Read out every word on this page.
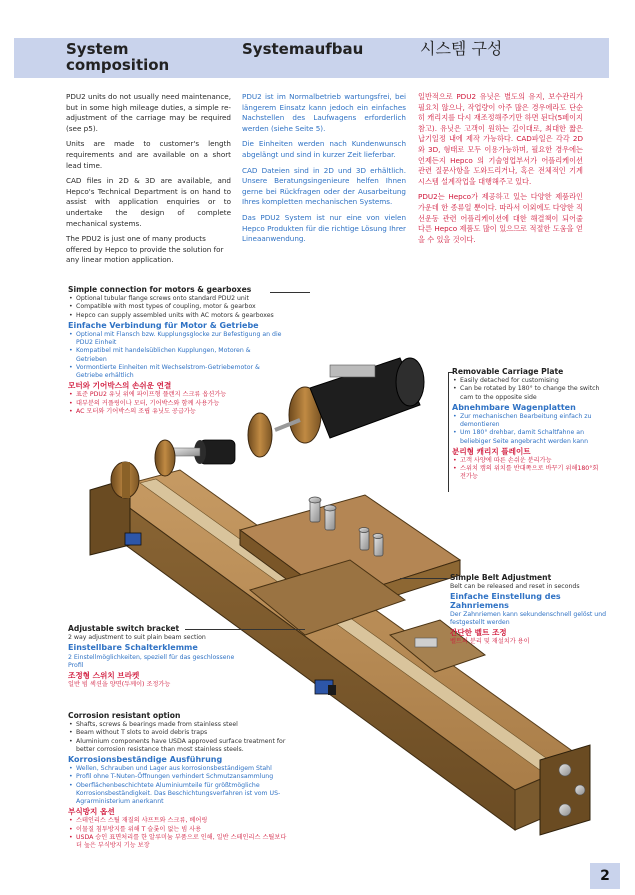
System composition
Systemaufbau	시스템 구성

PDU2 units do not usually need maintenance, but in some high mileage duties, a simple re-adjustment of the carriage may be required (see p5).

Units are made to customer's length requirements and are available on a short lead time.

CAD files in 2D & 3D are available, and Hepco's Technical Department is on hand to assist with application enquiries or to undertake the design of complete mechanical systems.

The PDU2 is just one of many products offered by Hepco to provide the solution for any linear motion application.

PDU2 ist im Normalbetrieb wartungsfrei, bei längerem Einsatz kann jedoch ein einfaches Nachstellen des Laufwagens erforderlich werden (siehe Seite 5).

Die Einheiten werden nach Kundenwunsch abgelängt und sind in kurzer Zeit lieferbar.

CAD Dateien sind in 2D und 3D erhältlich. Unsere Beratungsingenieure helfen Ihnen gerne bei Rückfragen oder der Ausarbeitung Ihres kompletten mechanischen Systems.

Das PDU2 System ist nur eine von vielen Hepco Produkten für die richtige Lösung Ihrer Lineaanwendung.

일반적으로 PDU2 유닛은 별도의 유지, 보수관리가 필요치 않으나, 작업량이 아주 많은 경우에라도 단순히 캐리지를 다시 재조정해주기만 하면 된다(5페이지 참고). 유닛은 고객이 원하는 길이대로, 최대한 짧은 납기일정 내에 제작 가능하다. CAD파일은 각각 2D 와 3D, 형태로 모두 이용가능하며, 필요한 경우에는 언제든지 Hepco 의 기술영업부서가 어플리케이션 관련 질문사항을 도와드리거나, 혹은 전체적인 기계시스템 설계작업을 대행해주고 있다.

PDU2는 Hepco가 제공하고 있는 다양한 제품라인 가운데 한 종류일 뿐이다. 따라서 이외에도 다양한 직선운동 관련 어플리케이션에 대한 해결책이 되어줄 다른 Hepco 제품도 많이 있으므로 적절한 도움을 얻을 수 있을 것이다.

Simple connection for motors & gearboxes
• Optional tubular flange screws onto standard PDU2 unit
• Compatible with most types of coupling, motor & gearbox
• Hepco can supply assembled units with AC motors & gearboxes
Einfache Verbindung für Motor & Getriebe
• Optional mit Flansch bzw. Kupplungsglocke zur Befestigung an die PDU2 Einheit
• Kompatibel mit handelsüblichen Kupplungen, Motoren & Getrieben
• Vormontierte Einheiten mit Wechselstrom-Getriebemotor & Getriebe erhältlich
모터와 기어박스의 손쉬운 연결
• 표준 PDU2 유닛 위에 파이프형 플랜지 스크류 옵션가능
• 대부분의 커플링이나 모터, 기어박스와 함께 사용가능
• AC 모터와 기어박스의 조립 유닛도 공급가능
Removable Carriage Plate
• Easily detached for customising
• Can be rotated by 180° to change the switch cam to the opposite side
Abnehmbare Wagenplatten
• Zur mechanischen Bearbeitung einfach zu demontieren
• Um 180° drehbar, damit Schaltfahne an beliebiger Seite angebracht werden kann
분리형 캐리지 플레이트
• 고객 사양에 따른 손쉬운 분리가능
• 스위치 캠의 위치를 반대쪽으로 바꾸기 위해180°회전가능
Simple Belt Adjustment
Belt can be released and reset in seconds
Einfache Einstellung des Zahnriemens
Der Zahnriemen kann sekundenschnell gelöst und festgestellt werden
간단한 벨트 조정
벨트의 분리 및 재설치가 용이
Adjustable switch bracket
2 way adjustment to suit plain beam section
Einstellbare Schalterklemme
2 Einstellmöglichkeiten, speziell für das geschlossene Profil
조정형 스위치 브라켓
일반 빔 섹션을 양면(두께이) 조정가능
Corrosion resistant option
• Shafts, screws & bearings made from stainless steel
• Beam without T slots to avoid debris traps
• Aluminium components have USDA approved surface treatment for better corrosion resistance than most stainless steels.
Korrosionsbeständige Ausführung
• Wellen, Schrauben und Lager aus korrosionsbeständigem Stahl
• Profil ohne T-Nuten-Öffnungen verhindert Schmutzansammlung
• Oberflächenbeschichtete Aluminiumteile für größtmögliche Korrosionsbeständigkeit. Das Beschichtungsverfahren ist vom US-Agrarministerium anerkannt
부식방지 옵션
• 스테인리스 스틸 재질의 샤프트와 스크류, 베어링
• 이물질 침투방지를 위해 T 슬롯이 없는 빔 사용
• USDA 승인 표면처리를 한 알루미늄 부품으로 인해, 일반 스테인리스 스틸보다 더 높은 부식방지 기능 보장
2
